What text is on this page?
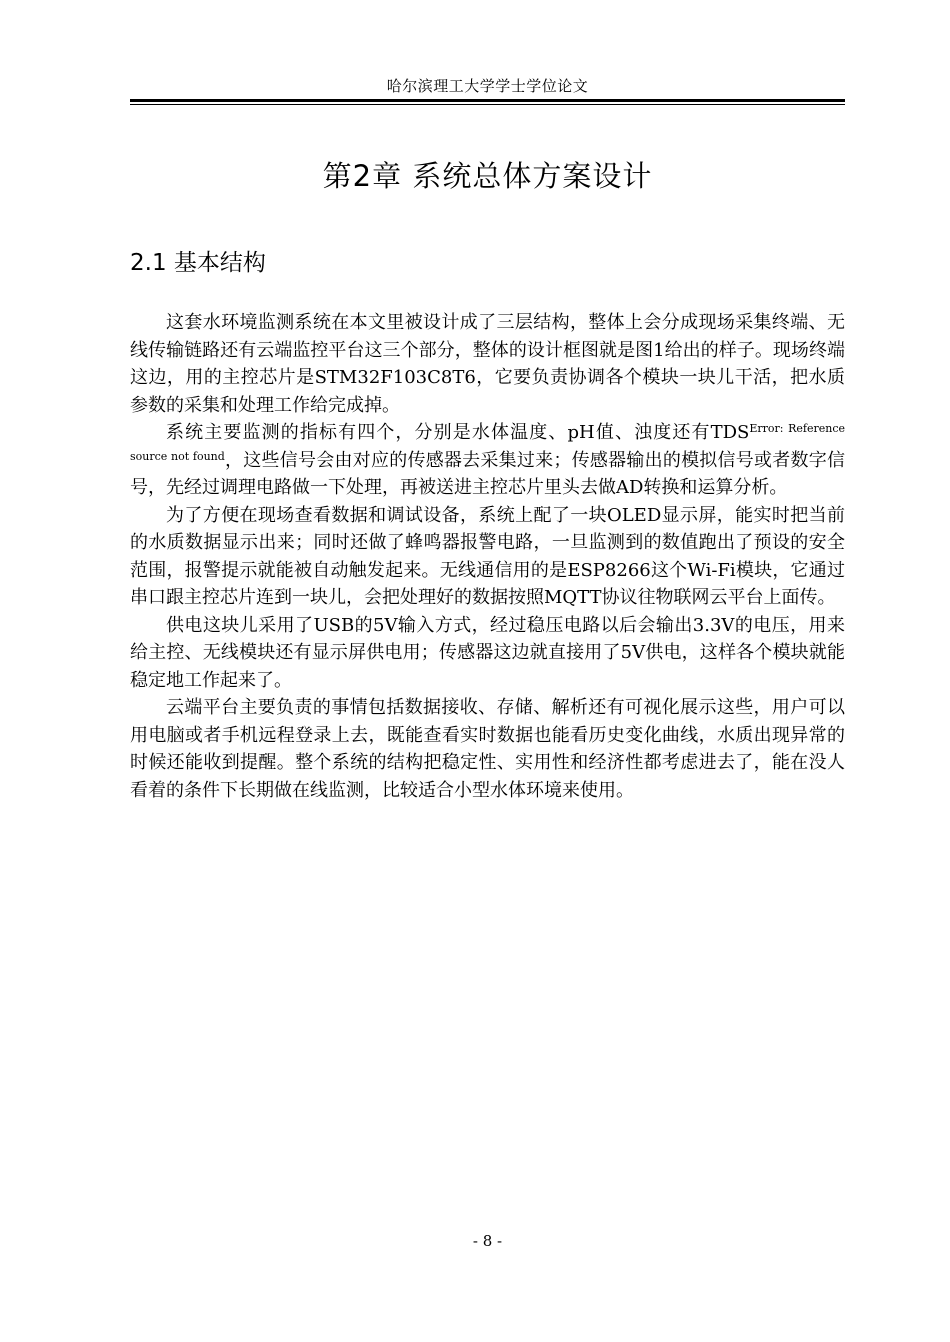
哈尔滨理工大学学士学位论文
第2章 系统总体方案设计
2.1 基本结构

这套水环境监测系统在本文里被设计成了三层结构，整体上会分成现场采集终端、无线传输链路还有云端监控平台这三个部分，整体的设计框图就是图1给出的样子。现场终端这边，用的主控芯片是STM32F103C8T6，它要负责协调各个模块一块儿干活，把水质参数的采集和处理工作给完成掉。

系统主要监测的指标有四个，分别是水体温度、pH值、浊度还有TDS$^{Error: Reference source not found}$，这些信号会由对应的传感器去采集过来；传感器输出的模拟信号或者数字信号，先经过调理电路做一下处理，再被送进主控芯片里头去做AD转换和运算分析。

为了方便在现场查看数据和调试设备，系统上配了一块OLED显示屏，能实时把当前的水质数据显示出来；同时还做了蜂鸣器报警电路，一旦监测到的数值跑出了预设的安全范围，报警提示就能被自动触发起来。无线通信用的是ESP8266这个Wi-Fi模块，它通过串口跟主控芯片连到一块儿，会把处理好的数据按照MQTT协议往物联网云平台上面传。

供电这块儿采用了USB的5V输入方式，经过稳压电路以后会输出3.3V的电压，用来给主控、无线模块还有显示屏供电用；传感器这边就直接用了5V供电，这样各个模块就能稳定地工作起来了。

云端平台主要负责的事情包括数据接收、存储、解析还有可视化展示这些，用户可以用电脑或者手机远程登录上去，既能查看实时数据也能看历史变化曲线，水质出现异常的时候还能收到提醒。整个系统的结构把稳定性、实用性和经济性都考虑进去了，能在没人看着的条件下长期做在线监测，比较适合小型水体环境来使用。

- 8 -
